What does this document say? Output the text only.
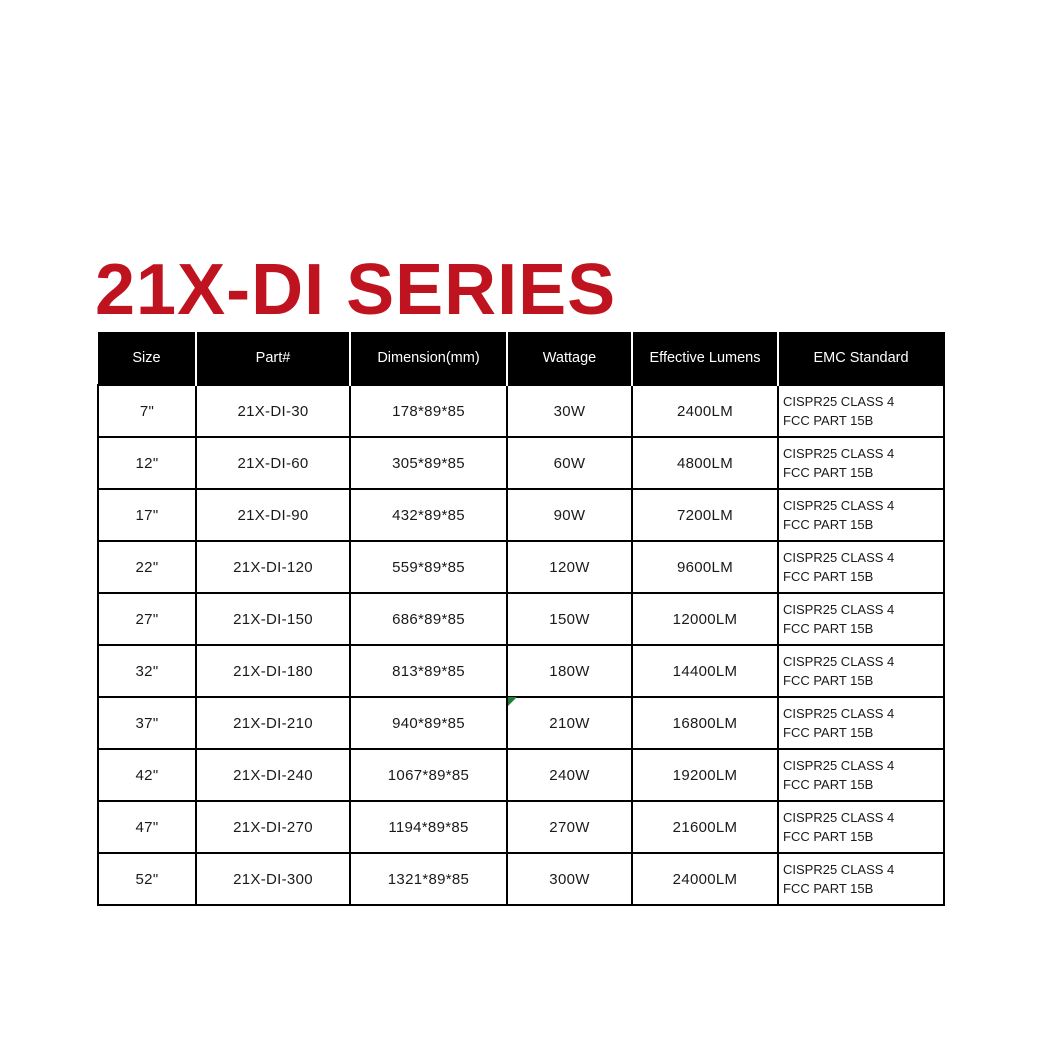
21X-DI SERIES
Size	Part#	Dimension(mm)	Wattage	Effective Lumens	EMC Standard
7"	21X-DI-30	178*89*85	30W	2400LM	CISPR25 CLASS 4
FCC PART 15B

12"	21X-DI-60	305*89*85	60W	4800LM	CISPR25 CLASS 4
FCC PART 15B

17"	21X-DI-90	432*89*85	90W	7200LM	CISPR25 CLASS 4
FCC PART 15B

22"	21X-DI-120	559*89*85	120W	9600LM	CISPR25 CLASS 4
FCC PART 15B

27"	21X-DI-150	686*89*85	150W	12000LM	CISPR25 CLASS 4
FCC PART 15B

32"	21X-DI-180	813*89*85	180W	14400LM	CISPR25 CLASS 4
FCC PART 15B

37"	21X-DI-210	940*89*85	210W	16800LM	CISPR25 CLASS 4
FCC PART 15B

42"	21X-DI-240	1067*89*85	240W	19200LM	CISPR25 CLASS 4
FCC PART 15B

47"	21X-DI-270	1194*89*85	270W	21600LM	CISPR25 CLASS 4
FCC PART 15B

52"	21X-DI-300	1321*89*85	300W	24000LM	CISPR25 CLASS 4
FCC PART 15B
